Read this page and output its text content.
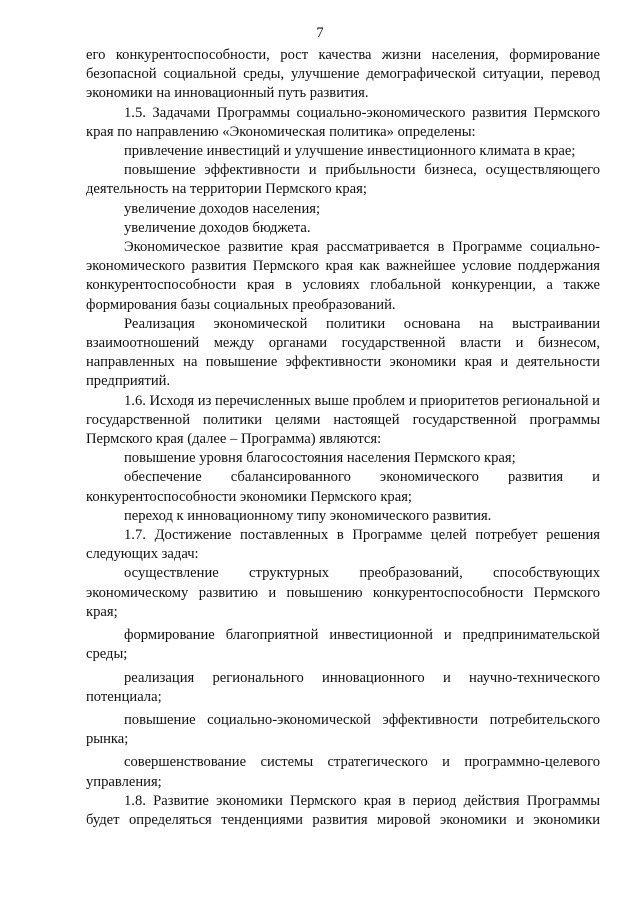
7

его конкурентоспособности, рост качества жизни населения, формирование безопасной социальной среды, улучшение демографической ситуации, перевод экономики на инновационный путь развития.

1.5. Задачами Программы социально-экономического развития Пермского края по направлению «Экономическая политика» определены:

привлечение инвестиций и улучшение инвестиционного климата в крае;

повышение эффективности и прибыльности бизнеса, осуществляющего деятельность на территории Пермского края;

увеличение доходов населения;

увеличение доходов бюджета.

Экономическое развитие края рассматривается в Программе социально-экономического развития Пермского края как важнейшее условие поддержания конкурентоспособности края в условиях глобальной конкуренции, а также формирования базы социальных преобразований.

Реализация экономической политики основана на выстраивании взаимоотношений между органами государственной власти и бизнесом, направленных на повышение эффективности экономики края и деятельности предприятий.

1.6. Исходя из перечисленных выше проблем и приоритетов региональной и государственной политики целями настоящей государственной программы Пермского края (далее – Программа) являются:

повышение уровня благосостояния населения Пермского края;

обеспечение сбалансированного экономического развития и конкурентоспособности экономики Пермского края;

переход к инновационному типу экономического развития.

1.7. Достижение поставленных в Программе целей потребует решения следующих задач:

осуществление структурных преобразований, способствующих экономическому развитию и повышению конкурентоспособности Пермского края;

формирование благоприятной инвестиционной и предпринимательской среды;

реализация регионального инновационного и научно-технического потенциала;

повышение социально-экономической эффективности потребительского рынка;

совершенствование системы стратегического и программно-целевого управления;

1.8. Развитие экономики Пермского края в период действия Программы будет определяться тенденциями развития мировой экономики и экономики
